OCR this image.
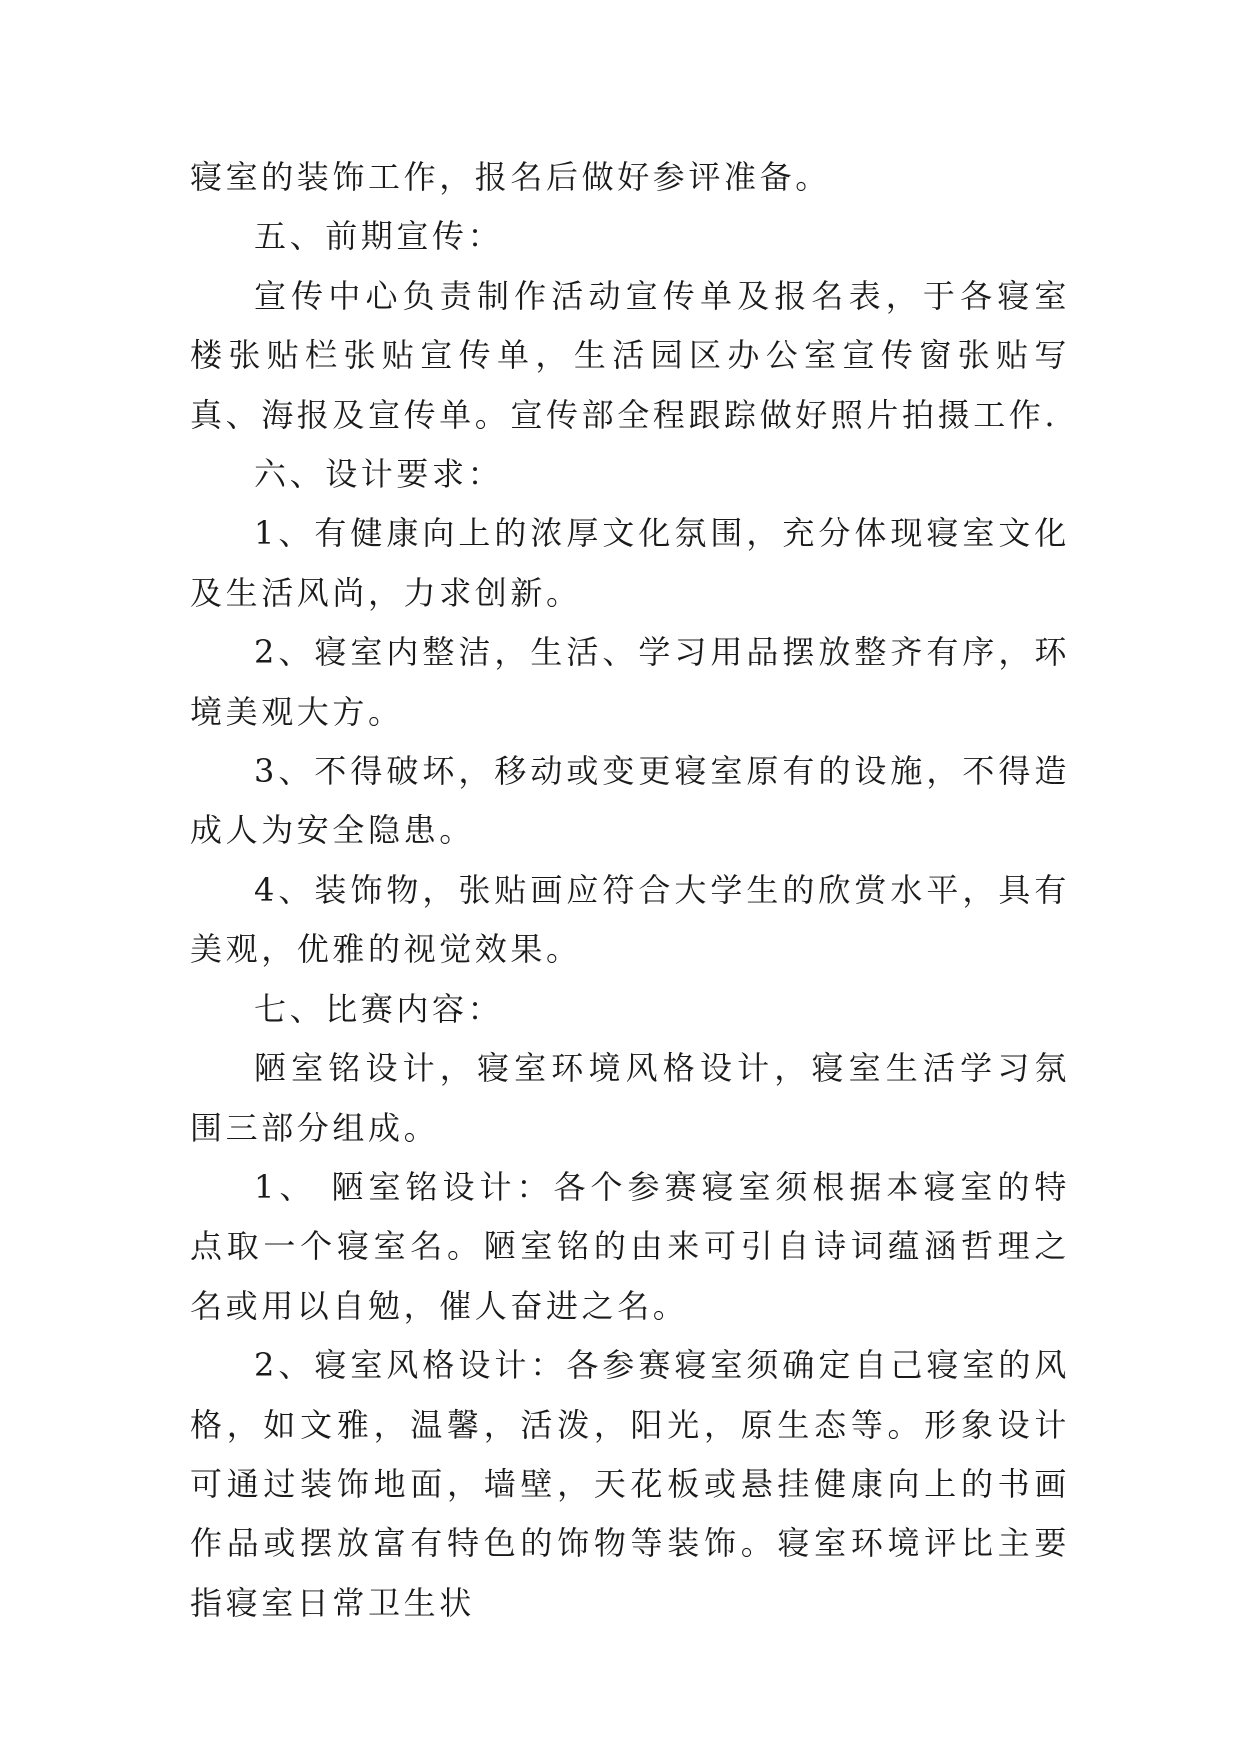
寝室的装饰工作，报名后做好参评准备。

五、前期宣传：

宣传中心负责制作活动宣传单及报名表，于各寝室楼张贴栏张贴宣传单，生活园区办公室宣传窗张贴写真、海报及宣传单。宣传部全程跟踪做好照片拍摄工作.

六、设计要求：

1、有健康向上的浓厚文化氛围，充分体现寝室文化及生活风尚，力求创新。

2、寝室内整洁，生活、学习用品摆放整齐有序，环境美观大方。

3、不得破坏，移动或变更寝室原有的设施，不得造成人为安全隐患。

4、装饰物，张贴画应符合大学生的欣赏水平，具有美观，优雅的视觉效果。

七、比赛内容：

陋室铭设计，寝室环境风格设计，寝室生活学习氛围三部分组成。

1、 陋室铭设计：各个参赛寝室须根据本寝室的特点取一个寝室名。陋室铭的由来可引自诗词蕴涵哲理之名或用以自勉，催人奋进之名。

2、寝室风格设计：各参赛寝室须确定自己寝室的风格，如文雅，温馨，活泼，阳光，原生态等。形象设计可通过装饰地面，墙壁，天花板或悬挂健康向上的书画作品或摆放富有特色的饰物等装饰。寝室环境评比主要指寝室日常卫生状
